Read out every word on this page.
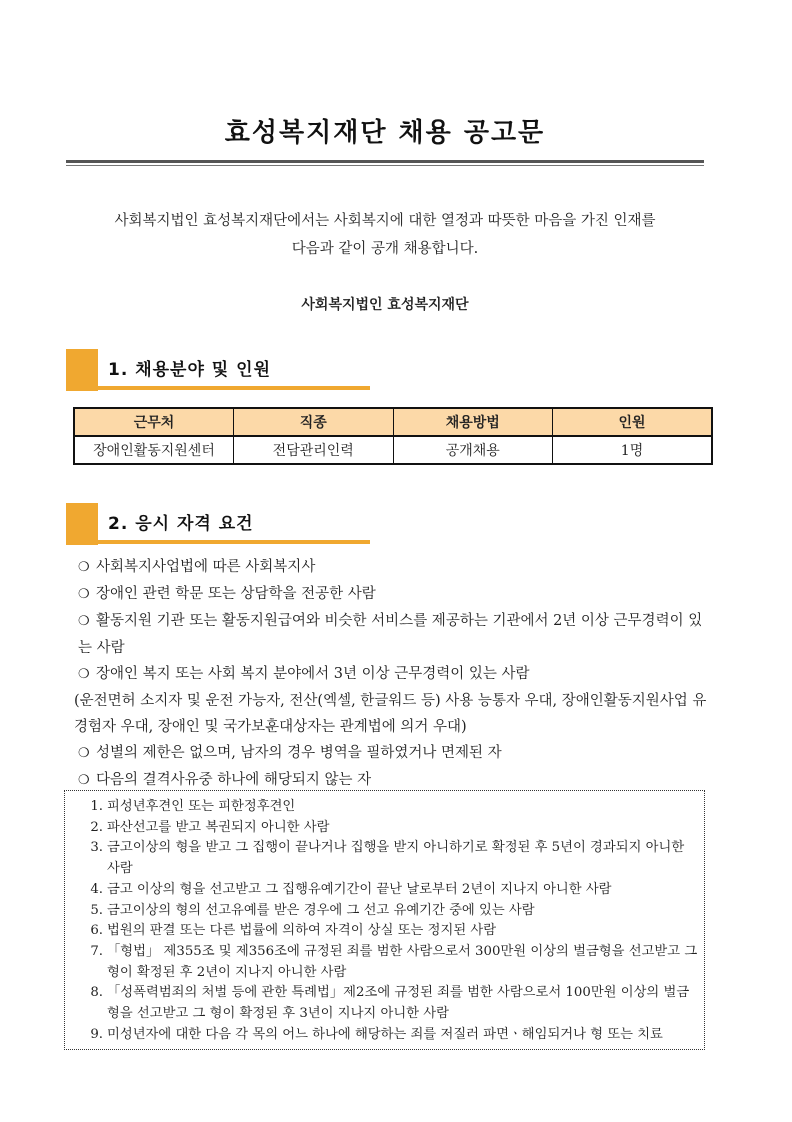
효성복지재단 채용 공고문

사회복지법인 효성복지재단에서는 사회복지에 대한 열정과 따뜻한 마음을 가진 인재를

다음과 같이 공개 채용합니다.

사회복지법인 효성복지재단
1. 채용분야 및 인원
근무처	직종	채용방법	인원
장애인활동지원센터	전담관리인력	공개채용	1명
2. 응시 자격 요건

❍ 사회복지사업법에 따른 사회복지사

❍ 장애인 관련 학문 또는 상담학을 전공한 사람

❍ 활동지원 기관 또는 활동지원급여와 비슷한 서비스를 제공하는 기관에서 2년 이상 근무경력이 있는 사람

❍ 장애인 복지 또는 사회 복지 분야에서 3년 이상 근무경력이 있는 사람

(운전면허 소지자 및 운전 가능자, 전산(엑셀, 한글워드 등) 사용 능통자 우대, 장애인활동지원사업 유경험자 우대, 장애인 및 국가보훈대상자는 관계법에 의거 우대)

❍ 성별의 제한은 없으며, 남자의 경우 병역을 필하였거나 면제된 자

❍ 다음의 결격사유중 하나에 해당되지 않는 자

1. 피성년후견인 또는 피한정후견인
2. 파산선고를 받고 복권되지 아니한 사람
3. 금고이상의 형을 받고 그 집행이 끝나거나 집행을 받지 아니하기로 확정된 후 5년이 경과되지 아니한 사람
4. 금고 이상의 형을 선고받고 그 집행유예기간이 끝난 날로부터 2년이 지나지 아니한 사람
5. 금고이상의 형의 선고유예를 받은 경우에 그 선고 유예기간 중에 있는 사람
6. 법원의 판결 또는 다른 법률에 의하여 자격이 상실 또는 정지된 사람
7. 「형법」 제355조 및 제356조에 규정된 죄를 범한 사람으로서 300만원 이상의 벌금형을 선고받고 그 형이 확정된 후 2년이 지나지 아니한 사람
8. 「성폭력범죄의 처벌 등에 관한 특례법」제2조에 규정된 죄를 범한 사람으로서 100만원 이상의 벌금형을 선고받고 그 형이 확정된 후 3년이 지나지 아니한 사람
9. 미성년자에 대한 다음 각 목의 어느 하나에 해당하는 죄를 저질러 파면ㆍ해임되거나 형 또는 치료
